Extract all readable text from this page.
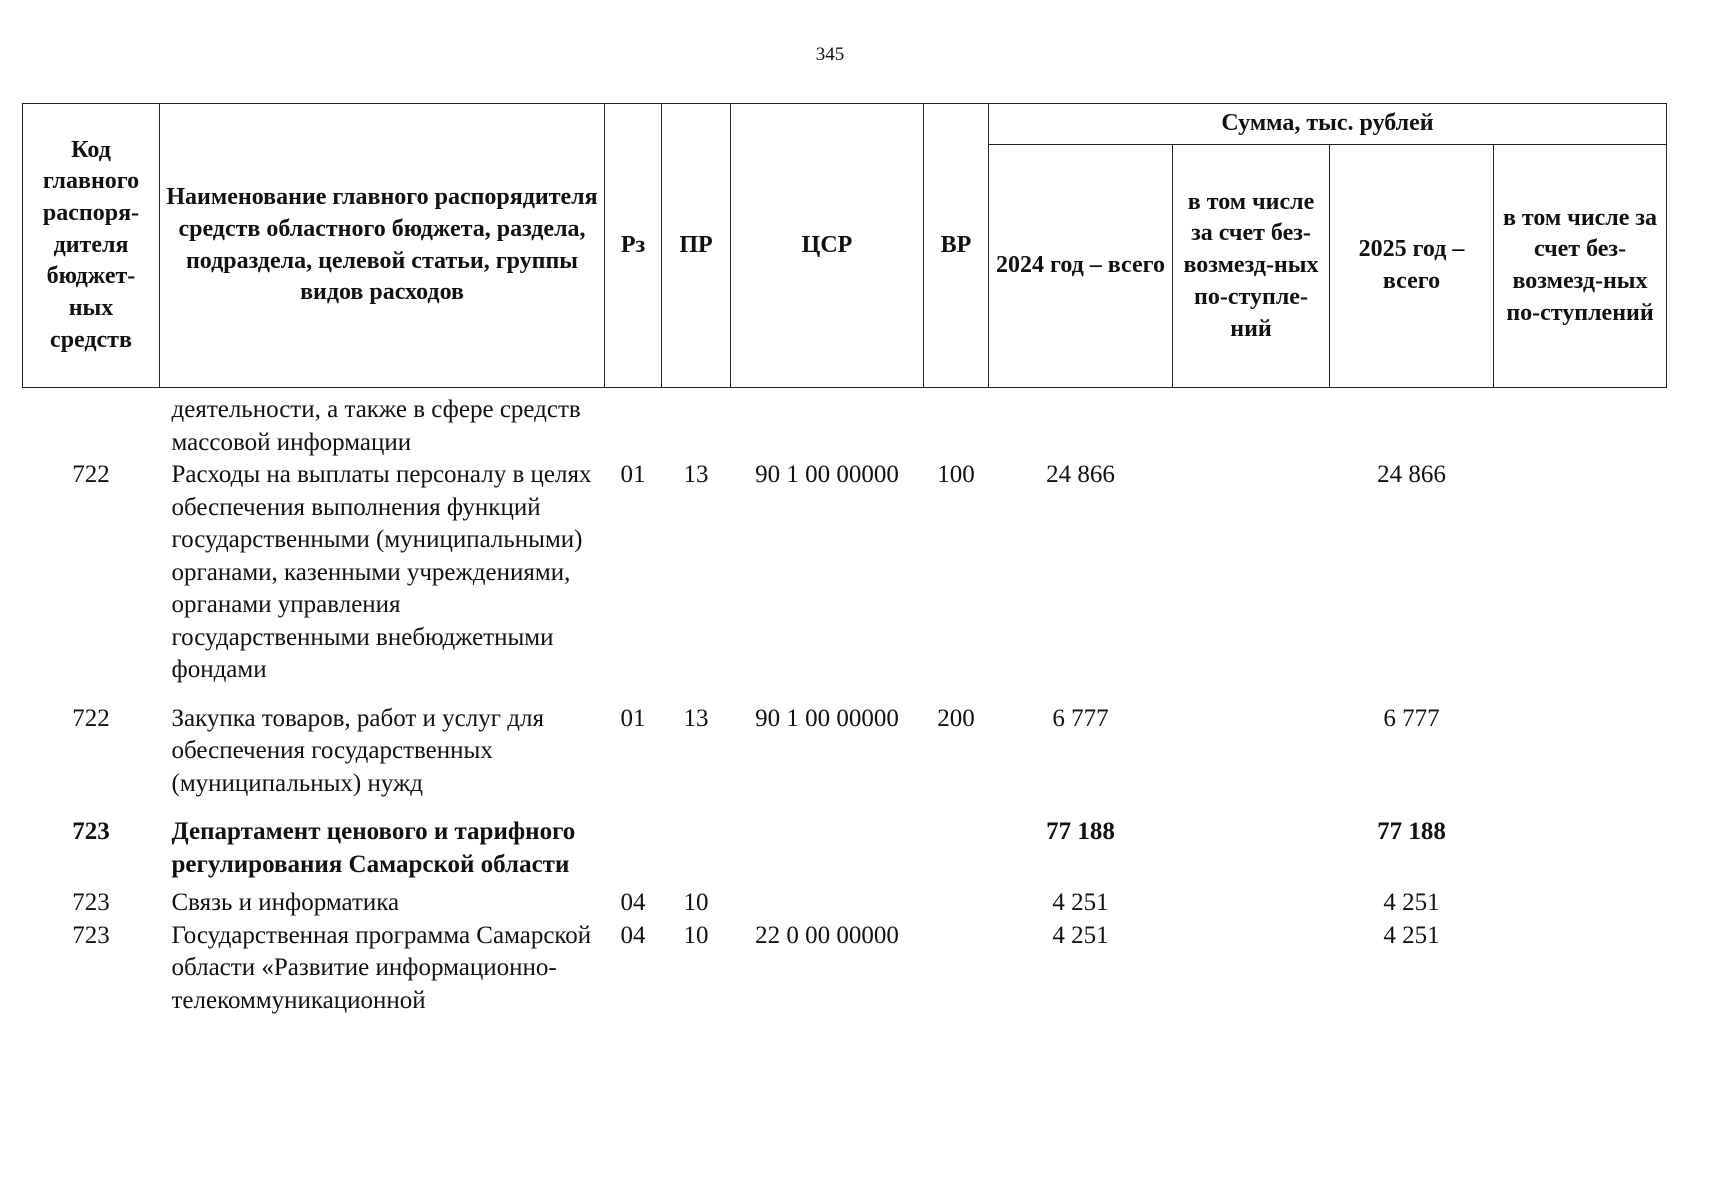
345
Код главного распоря-дителя бюджет-ных средств	Наименование главного распорядителя средств областного бюджета, раздела, подраздела, целевой статьи, группы видов расходов	Рз	ПР	ЦСР	ВР	Сумма, тыс. рублей			
						2024 год – всего	в том числе за счет без-возмезд-ных по-ступле-ний	2025 год – всего	в том числе за счет без-возмезд-ных по-ступлений
	деятельности, а также в сфере средств массовой информации								
722	Расходы на выплаты персоналу в целях обеспечения выполнения функций государственными (муниципальными) органами, казенными учреждениями, органами управления государственными внебюджетными фондами	01	13	90 1 00 00000	100	24 866		24 866	
722	Закупка товаров, работ и услуг для обеспечения государственных (муниципальных) нужд	01	13	90 1 00 00000	200	6 777		6 777	
723	Департамент ценового и тарифного регулирования Самарской области					77 188		77 188	
723	Связь и информатика	04	10			4 251		4 251	
723	Государственная программа Самарской области «Развитие информационно-телекоммуникационной	04	10	22 0 00 00000		4 251		4 251	
